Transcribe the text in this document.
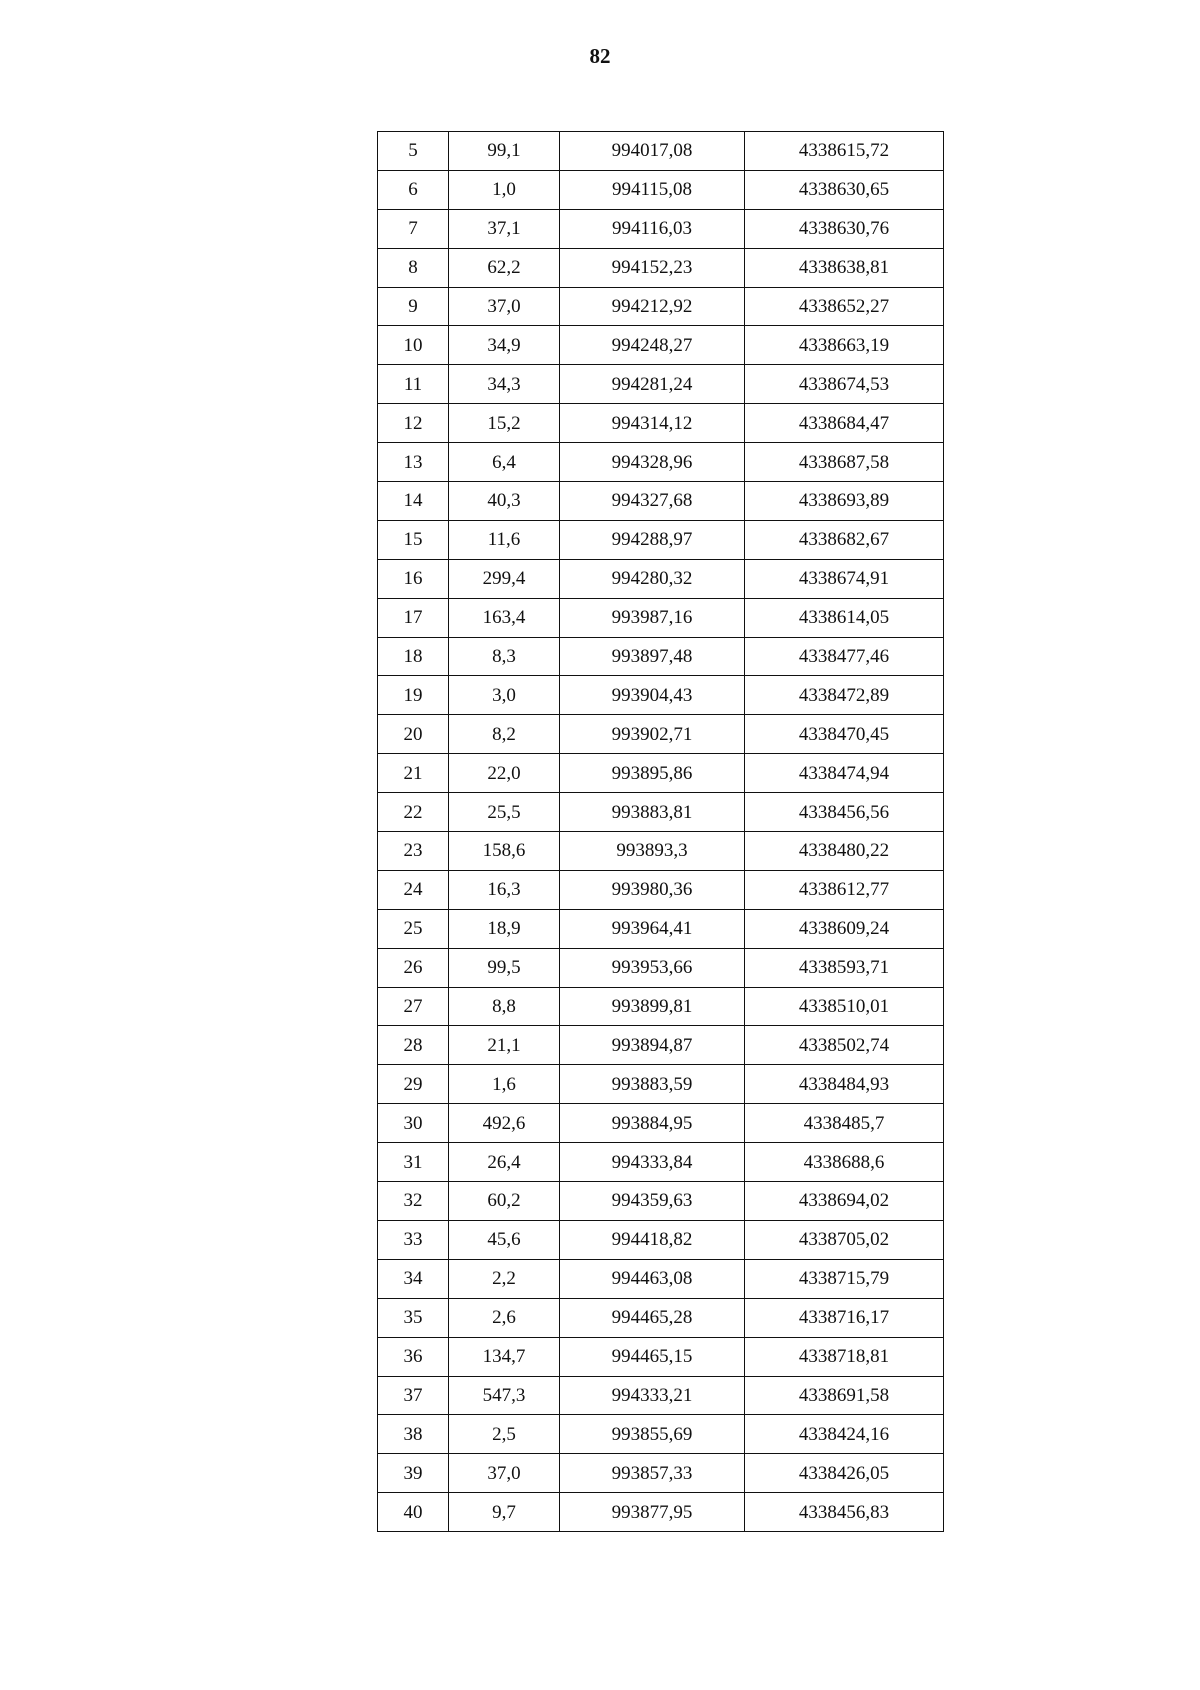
82
5	99,1	994017,08	4338615,72
6	1,0	994115,08	4338630,65
7	37,1	994116,03	4338630,76
8	62,2	994152,23	4338638,81
9	37,0	994212,92	4338652,27
10	34,9	994248,27	4338663,19
11	34,3	994281,24	4338674,53
12	15,2	994314,12	4338684,47
13	6,4	994328,96	4338687,58
14	40,3	994327,68	4338693,89
15	11,6	994288,97	4338682,67
16	299,4	994280,32	4338674,91
17	163,4	993987,16	4338614,05
18	8,3	993897,48	4338477,46
19	3,0	993904,43	4338472,89
20	8,2	993902,71	4338470,45
21	22,0	993895,86	4338474,94
22	25,5	993883,81	4338456,56
23	158,6	993893,3	4338480,22
24	16,3	993980,36	4338612,77
25	18,9	993964,41	4338609,24
26	99,5	993953,66	4338593,71
27	8,8	993899,81	4338510,01
28	21,1	993894,87	4338502,74
29	1,6	993883,59	4338484,93
30	492,6	993884,95	4338485,7
31	26,4	994333,84	4338688,6
32	60,2	994359,63	4338694,02
33	45,6	994418,82	4338705,02
34	2,2	994463,08	4338715,79
35	2,6	994465,28	4338716,17
36	134,7	994465,15	4338718,81
37	547,3	994333,21	4338691,58
38	2,5	993855,69	4338424,16
39	37,0	993857,33	4338426,05
40	9,7	993877,95	4338456,83
